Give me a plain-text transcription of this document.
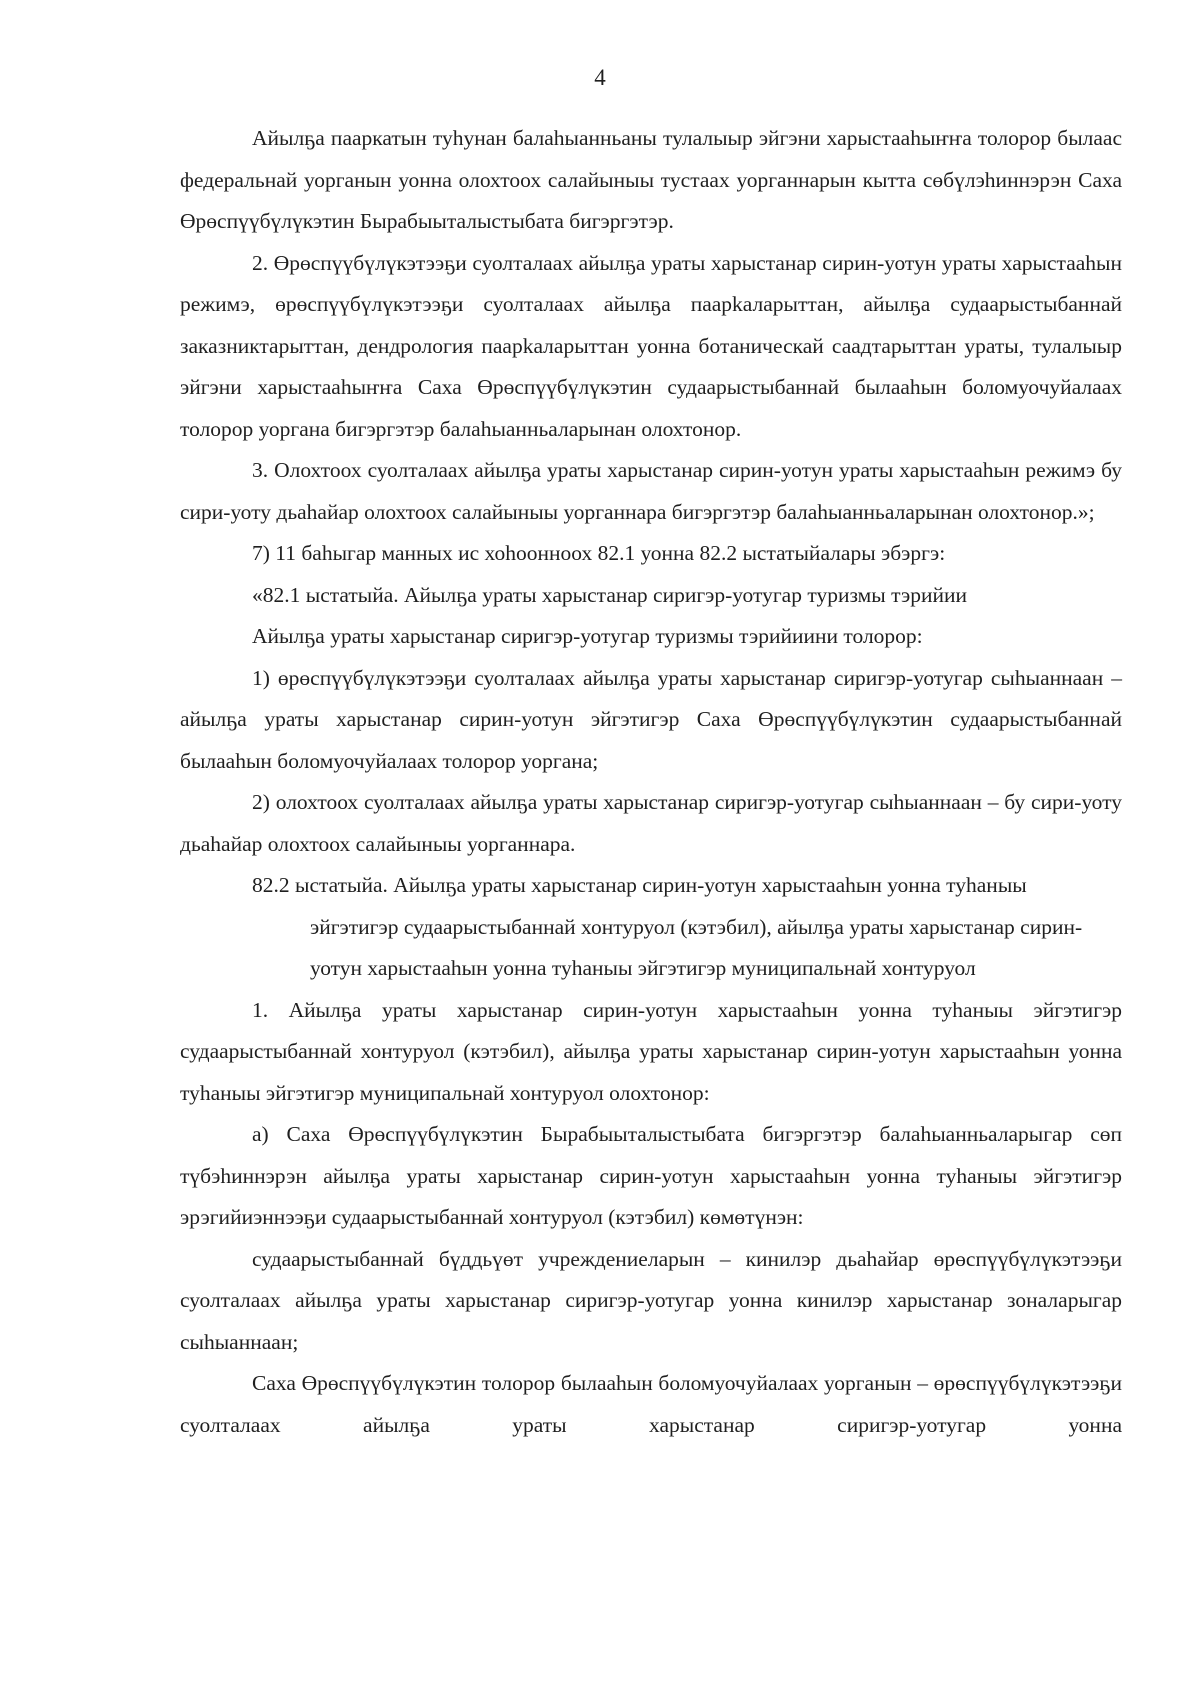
4

Айылҕа пааркатын туһунан балаһыанньаны тулалыыр эйгэни харыстааһыҥҥа толорор былаас федеральнай уорганын уонна олохтоох салайыныы тустаах уорганнарын кытта сөбүлэһиннэрэн Саха Өрөспүүбүлүкэтин Бырабыыталыстыбата бигэргэтэр.

2. Өрөспүүбүлүкэтээҕи суолталаах айылҕа ураты харыстанар сирин-уотун ураты харыстааһын режимэ, өрөспүүбүлүкэтээҕи суолталаах айылҕа паарkаларыттан, айылҕа судаарыстыбаннай заказниктарыттан, дендрология паарkаларыттан уонна ботаническай саадтарыттан ураты, тулалыыр эйгэни харыстааһыҥҥа Саха Өрөспүүбүлүкэтин судаарыстыбаннай былааһын боломуочуйалаах толорор уоргана бигэргэтэр балаһыанньаларынан олохтонор.

3. Олохтоох суолталаах айылҕа ураты харыстанар сирин-уотун ураты харыстааһын режимэ бу сири-уоту дьаһайар олохтоох салайыныы уорганнара бигэргэтэр балаһыанньаларынан олохтонор.»;

7) 11 баһыгар манных ис хоһоонноох 82.1 уонна 82.2 ыстатыйалары эбэргэ:

«82.1 ыстатыйа. Айылҕа ураты харыстанар сиригэр-уотугар туризмы тэрийии

Айылҕа ураты харыстанар сиригэр-уотугар туризмы тэрийиини толорор:

1) өрөспүүбүлүкэтээҕи суолталаах айылҕа ураты харыстанар сиригэр-уотугар сыһыаннаан – айылҕа ураты харыстанар сирин-уотун эйгэтигэр Саха Өрөспүүбүлүкэтин судаарыстыбаннай былааһын боломуочуйалаах толорор уоргана;

2) олохтоох суолталаах айылҕа ураты харыстанар сиригэр-уотугар сыһыаннаан – бу сири-уоту дьаһайар олохтоох салайыныы уорганнара.

82.2 ыстатыйа. Айылҕа ураты харыстанар сирин-уотун харыстааһын уонна туһаныы

эйгэтигэр судаарыстыбаннай хонтуруол (кэтэбил), айылҕа ураты харыстанар сирин-уотун харыстааһын уонна туһаныы эйгэтигэр муниципальнай хонтуруол

1. Айылҕа ураты харыстанар сирин-уотун харыстааһын уонна туһаныы эйгэтигэр судаарыстыбаннай хонтуруол (кэтэбил), айылҕа ураты харыстанар сирин-уотун харыстааһын уонна туһаныы эйгэтигэр муниципальнай хонтуруол олохтонор:

а) Саха Өрөспүүбүлүкэтин Бырабыыталыстыбата бигэргэтэр балаһыанньаларыгар сөп түбэһиннэрэн айылҕа ураты харыстанар сирин-уотун харыстааһын уонна туһаныы эйгэтигэр эрэгийиэннээҕи судаарыстыбаннай хонтуруол (кэтэбил) көмөтүнэн:

судаарыстыбаннай бүддьүөт учреждениеларын – кинилэр дьаһайар өрөспүүбүлүкэтээҕи суолталаах айылҕа ураты харыстанар сиригэр-уотугар уонна кинилэр харыстанар зоналарыгар сыһыаннаан;

Саха Өрөспүүбүлүкэтин толорор былааһын боломуочуйалаах уорганын – өрөспүүбүлүкэтээҕи суолталаах айылҕа ураты харыстанар сиригэр-уотугар уонна
